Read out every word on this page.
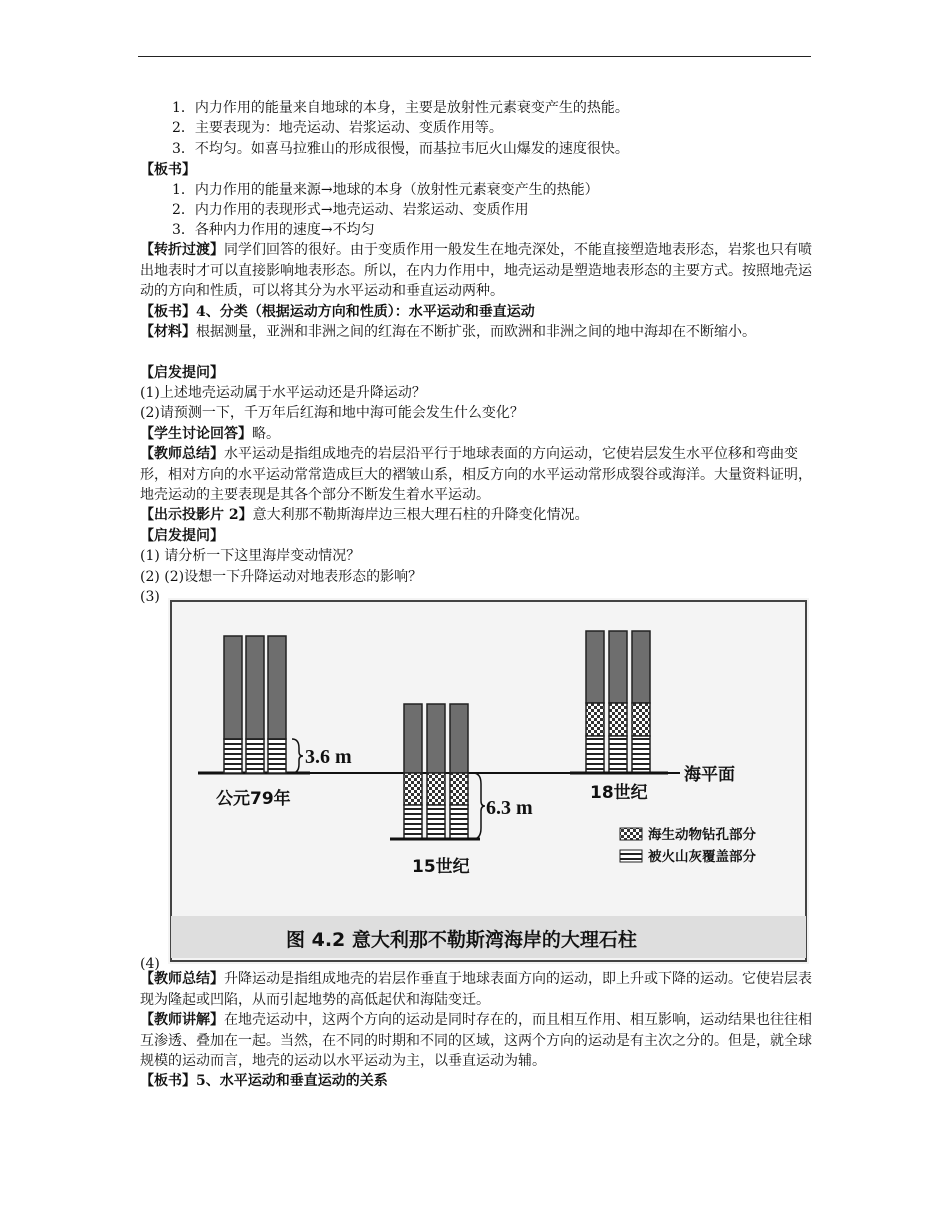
1．内力作用的能量来自地球的本身，主要是放射性元素衰变产生的热能。
2．主要表现为：地壳运动、岩浆运动、变质作用等。
3．不均匀。如喜马拉雅山的形成很慢，而基拉韦厄火山爆发的速度很快。
【板书】
1．内力作用的能量来源→地球的本身（放射性元素衰变产生的热能）
2．内力作用的表现形式→地壳运动、岩浆运动、变质作用
3．各种内力作用的速度→不均匀
【转折过渡】同学们回答的很好。由于变质作用一般发生在地壳深处，不能直接塑造地表形态，岩浆也只有喷出地表时才可以直接影响地表形态。所以，在内力作用中，地壳运动是塑造地表形态的主要方式。按照地壳运动的方向和性质，可以将其分为水平运动和垂直运动两种。
【板书】4、分类（根据运动方向和性质）：水平运动和垂直运动
【材料】根据测量，亚洲和非洲之间的红海在不断扩张，而欧洲和非洲之间的地中海却在不断缩小。
【启发提问】
(1)上述地壳运动属于水平运动还是升降运动？
(2)请预测一下，千万年后红海和地中海可能会发生什么变化？
【学生讨论回答】略。
【教师总结】水平运动是指组成地壳的岩层沿平行于地球表面的方向运动，它使岩层发生水平位移和弯曲变形，相对方向的水平运动常常造成巨大的褶皱山系，相反方向的水平运动常形成裂谷或海洋。大量资料证明，地壳运动的主要表现是其各个部分不断发生着水平运动。
【出示投影片 2】意大利那不勒斯海岸边三根大理石柱的升降变化情况。
【启发提问】
(1) 请分析一下这里海岸变动情况？
(2) (2)设想一下升降运动对地表形态的影响？
(3)
3.6 m
公元79年
海平面
6.3 m
15世纪
18世纪
海生动物钻孔部分
被火山灰覆盖部分
图 4.2 意大利那不勒斯湾海岸的大理石柱
(4)
【教师总结】升降运动是指组成地壳的岩层作垂直于地球表面方向的运动，即上升或下降的运动。它使岩层表现为隆起或凹陷，从而引起地势的高低起伏和海陆变迁。
【教师讲解】在地壳运动中，这两个方向的运动是同时存在的，而且相互作用、相互影响，运动结果也往往相互渗透、叠加在一起。当然，在不同的时期和不同的区域，这两个方向的运动是有主次之分的。但是，就全球规模的运动而言，地壳的运动以水平运动为主，以垂直运动为辅。
【板书】5、水平运动和垂直运动的关系
